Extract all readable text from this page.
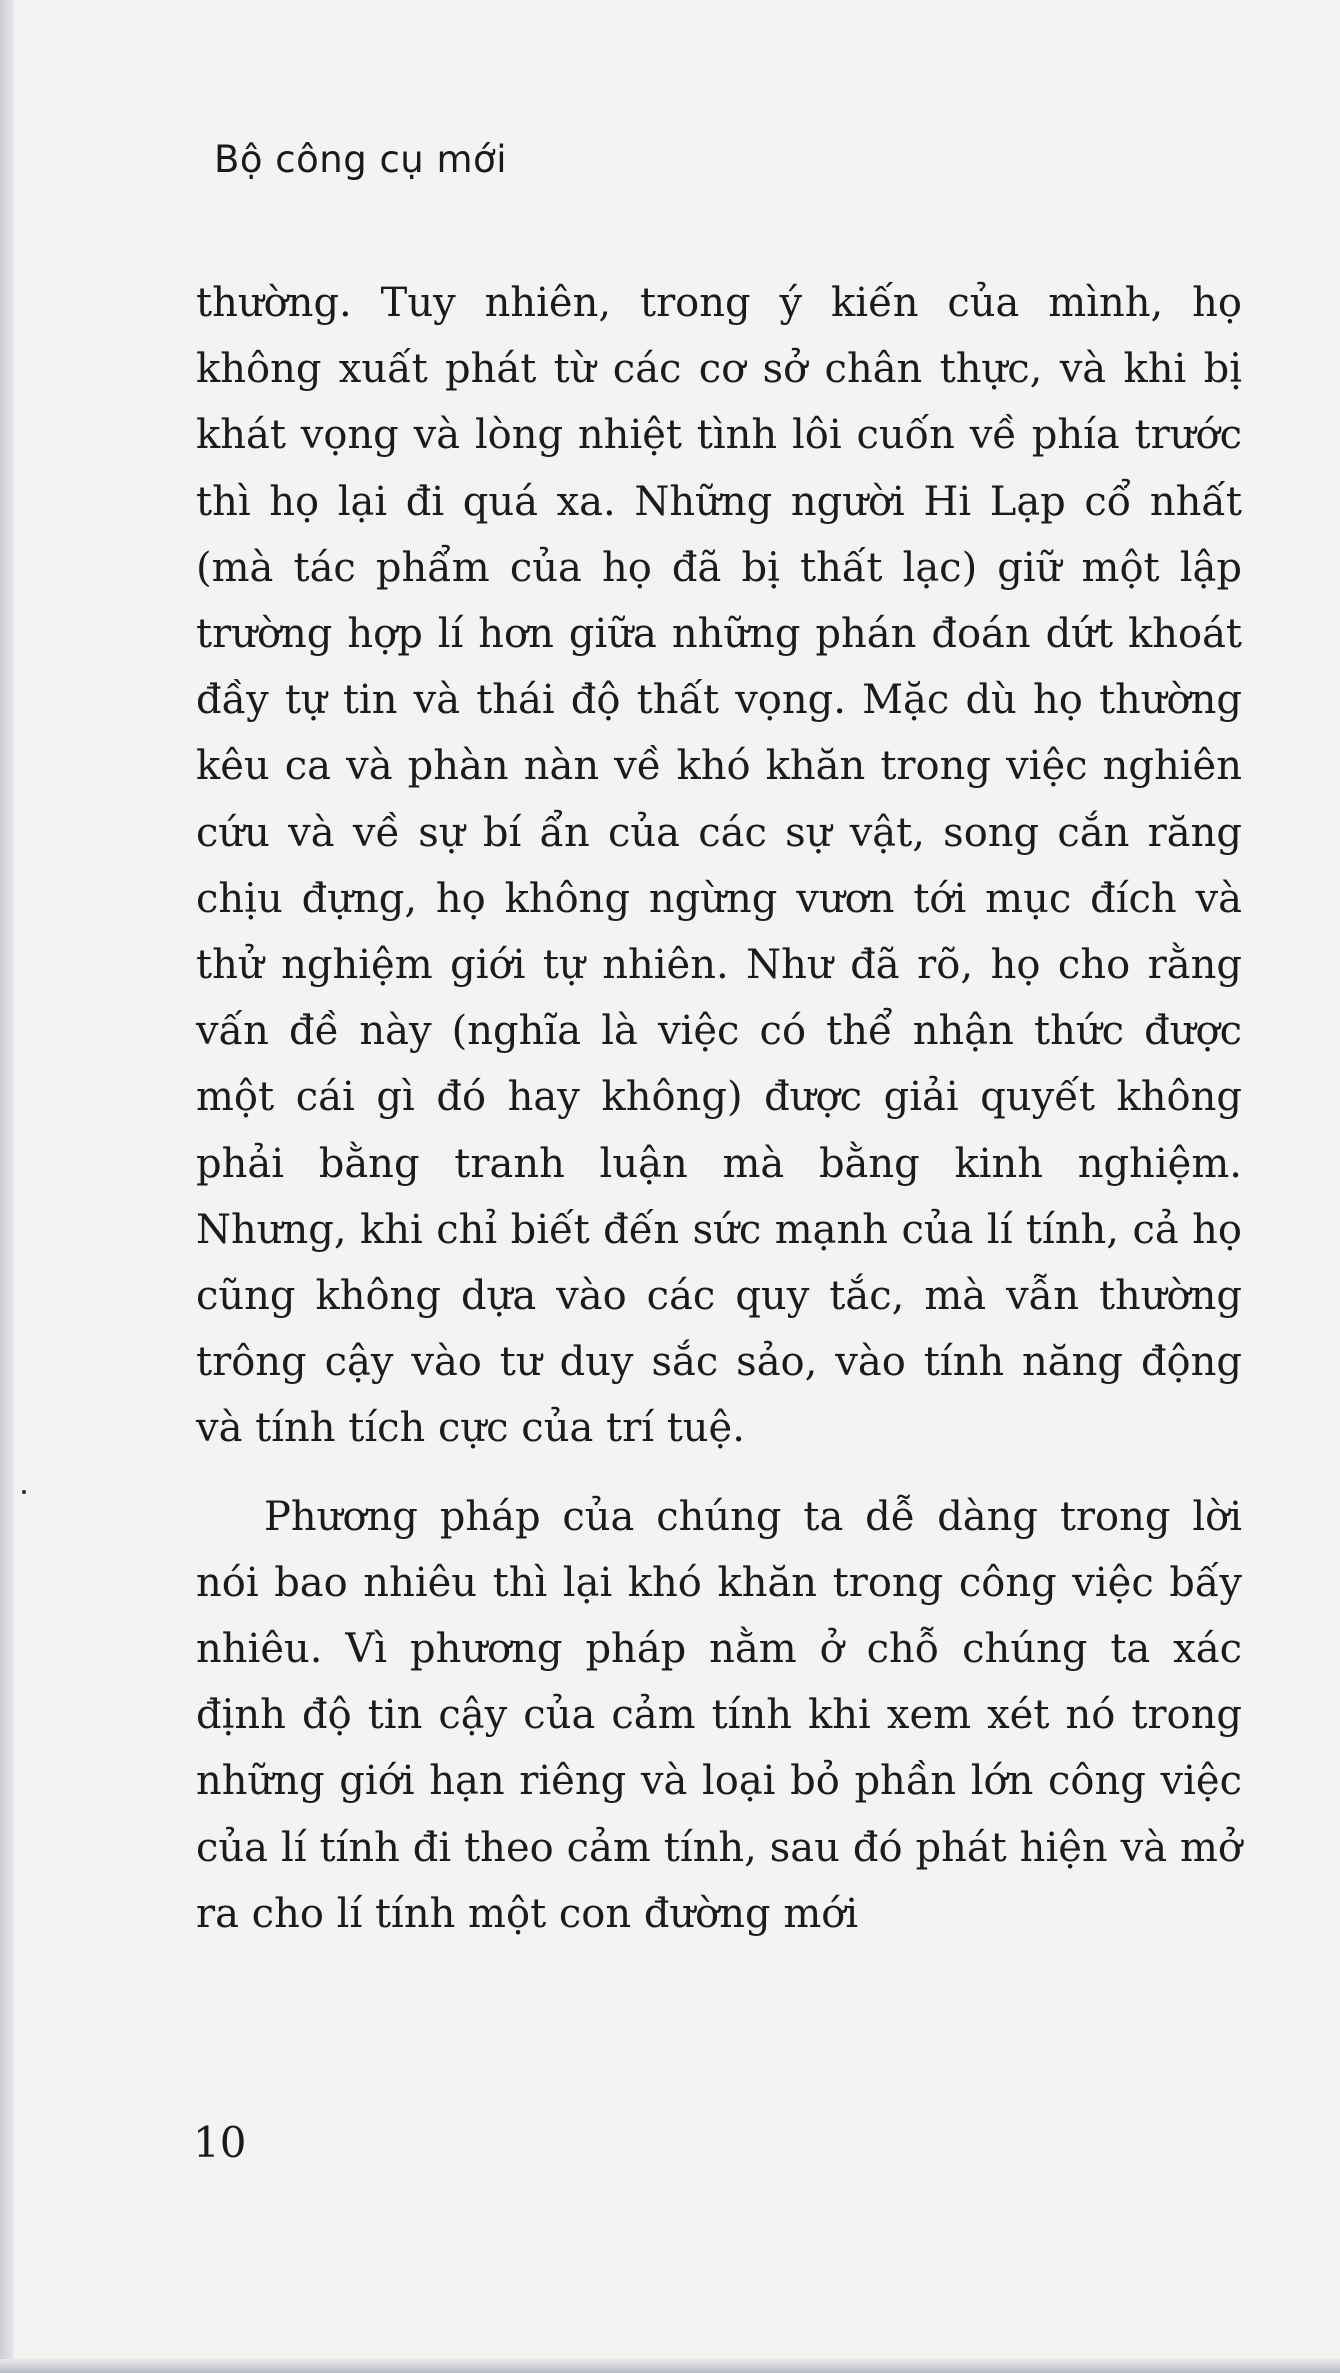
Bộ công cụ mới

thường. Tuy nhiên, trong ý kiến của mình, họ không xuất phát từ các cơ sở chân thực, và khi bị khát vọng và lòng nhiệt tình lôi cuốn về phía trước thì họ lại đi quá xa. Những người Hi Lạp cổ nhất (mà tác phẩm của họ đã bị thất lạc) giữ một lập trường hợp lí hơn giữa những phán đoán dứt khoát đầy tự tin và thái độ thất vọng. Mặc dù họ thường kêu ca và phàn nàn về khó khăn trong việc nghiên cứu và về sự bí ẩn của các sự vật, song cắn răng chịu đựng, họ không ngừng vươn tới mục đích và thử nghiệm giới tự nhiên. Như đã rõ, họ cho rằng vấn đề này (nghĩa là việc có thể nhận thức được một cái gì đó hay không) được giải quyết không phải bằng tranh luận mà bằng kinh nghiệm. Nhưng, khi chỉ biết đến sức mạnh của lí tính, cả họ cũng không dựa vào các quy tắc, mà vẫn thường trông cậy vào tư duy sắc sảo, vào tính năng động và tính tích cực của trí tuệ.

Phương pháp của chúng ta dễ dàng trong lời nói bao nhiêu thì lại khó khăn trong công việc bấy nhiêu. Vì phương pháp nằm ở chỗ chúng ta xác định độ tin cậy của cảm tính khi xem xét nó trong những giới hạn riêng và loại bỏ phần lớn công việc của lí tính đi theo cảm tính, sau đó phát hiện và mở ra cho lí tính một con đường mới

10
